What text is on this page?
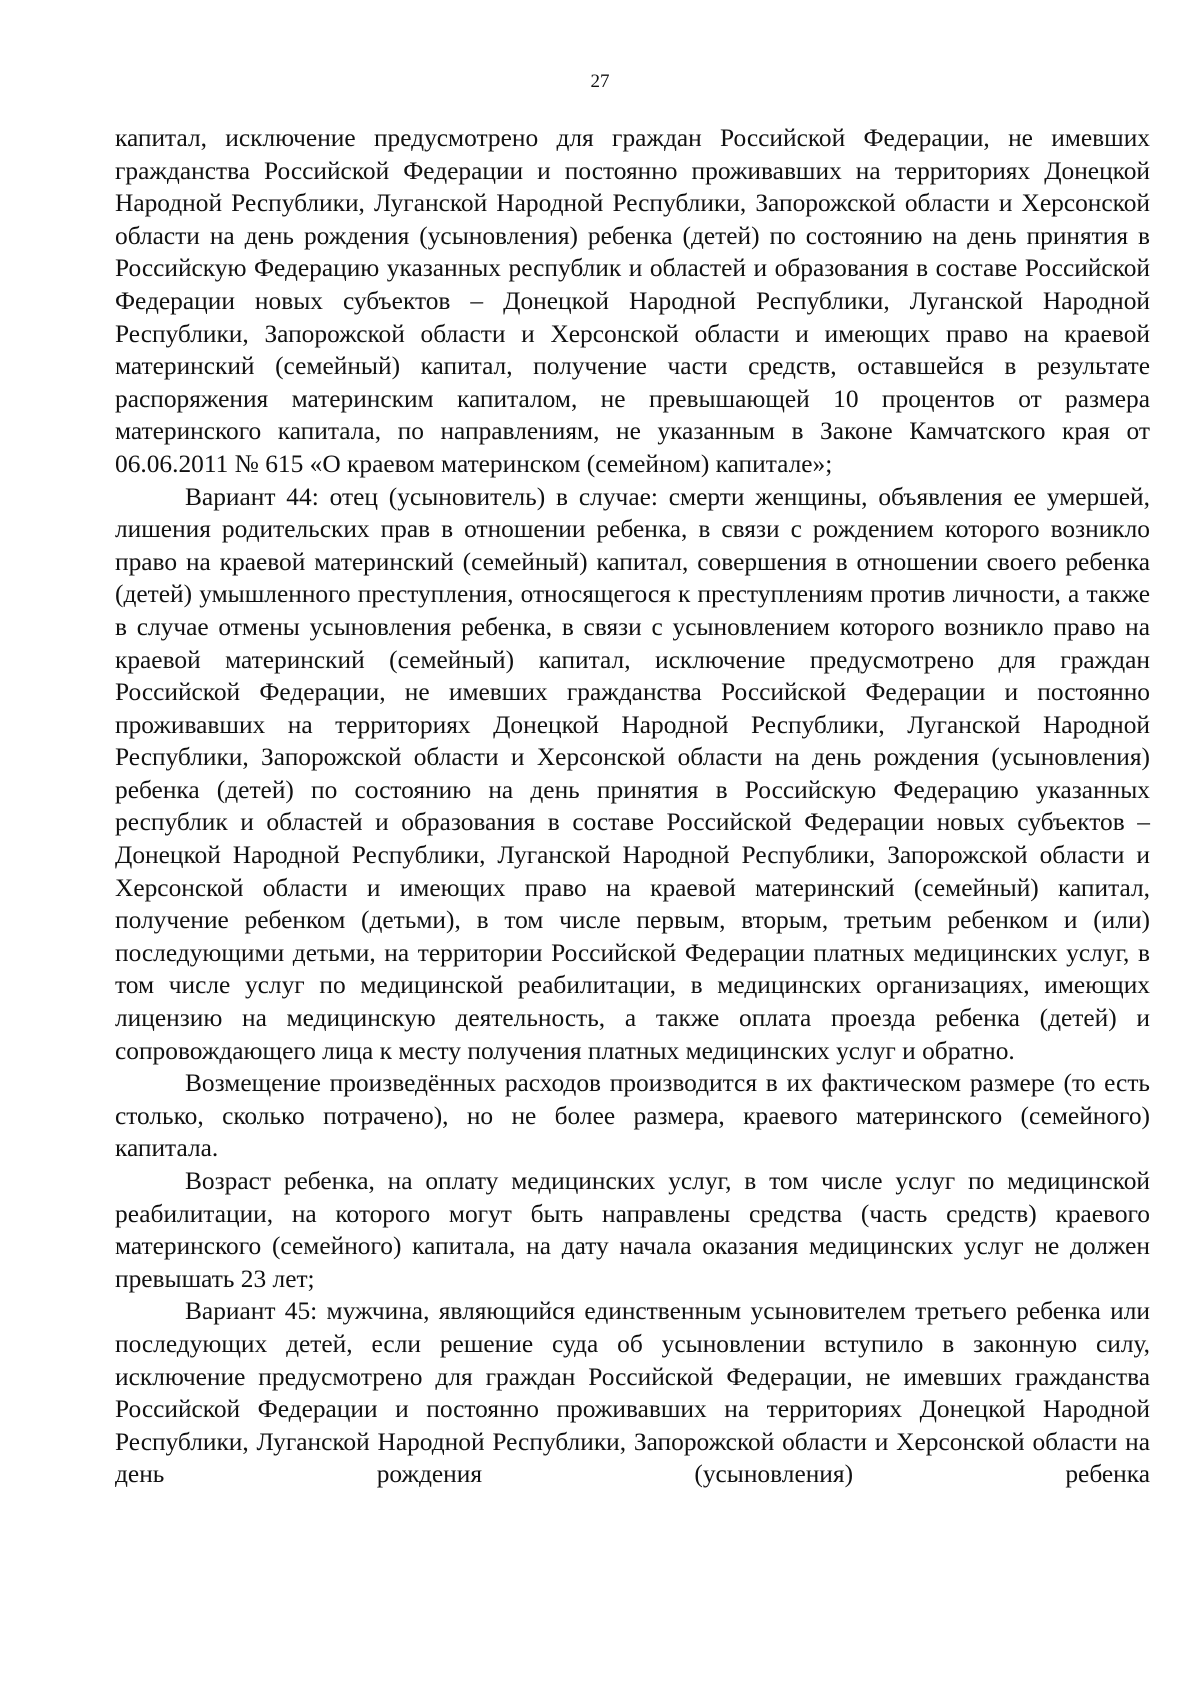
27

капитал, исключение предусмотрено для граждан Российской Федерации, не имевших гражданства Российской Федерации и постоянно проживавших на территориях Донецкой Народной Республики, Луганской Народной Республики, Запорожской области и Херсонской области на день рождения (усыновления) ребенка (детей) по состоянию на день принятия в Российскую Федерацию указанных республик и областей и образования в составе Российской Федерации новых субъектов – Донецкой Народной Республики, Луганской Народной Республики, Запорожской области и Херсонской области и имеющих право на краевой материнский (семейный) капитал, получение части средств, оставшейся в результате распоряжения материнским капиталом, не превышающей 10 процентов от размера материнского капитала, по направлениям, не указанным в Законе Камчатского края от 06.06.2011 № 615 «О краевом материнском (семейном) капитале»;

Вариант 44: отец (усыновитель) в случае: смерти женщины, объявления ее умершей, лишения родительских прав в отношении ребенка, в связи с рождением которого возникло право на краевой материнский (семейный) капитал, совершения в отношении своего ребенка (детей) умышленного преступления, относящегося к преступлениям против личности, а также в случае отмены усыновления ребенка, в связи с усыновлением которого возникло право на краевой материнский (семейный) капитал, исключение предусмотрено для граждан Российской Федерации, не имевших гражданства Российской Федерации и постоянно проживавших на территориях Донецкой Народной Республики, Луганской Народной Республики, Запорожской области и Херсонской области на день рождения (усыновления) ребенка (детей) по состоянию на день принятия в Российскую Федерацию указанных республик и областей и образования в составе Российской Федерации новых субъектов – Донецкой Народной Республики, Луганской Народной Республики, Запорожской области и Херсонской области и имеющих право на краевой материнский (семейный) капитал, получение ребенком (детьми), в том числе первым, вторым, третьим ребенком и (или) последующими детьми, на территории Российской Федерации платных медицинских услуг, в том числе услуг по медицинской реабилитации, в медицинских организациях, имеющих лицензию на медицинскую деятельность, а также оплата проезда ребенка (детей) и сопровождающего лица к месту получения платных медицинских услуг и обратно.

Возмещение произведённых расходов производится в их фактическом размере (то есть столько, сколько потрачено), но не более размера, краевого материнского (семейного) капитала.

Возраст ребенка, на оплату медицинских услуг, в том числе услуг по медицинской реабилитации, на которого могут быть направлены средства (часть средств) краевого материнского (семейного) капитала, на дату начала оказания медицинских услуг не должен превышать 23 лет;

Вариант 45: мужчина, являющийся единственным усыновителем третьего ребенка или последующих детей, если решение суда об усыновлении вступило в законную силу, исключение предусмотрено для граждан Российской Федерации, не имевших гражданства Российской Федерации и постоянно проживавших на территориях Донецкой Народной Республики, Луганской Народной Республики, Запорожской области и Херсонской области на день рождения (усыновления) ребенка
